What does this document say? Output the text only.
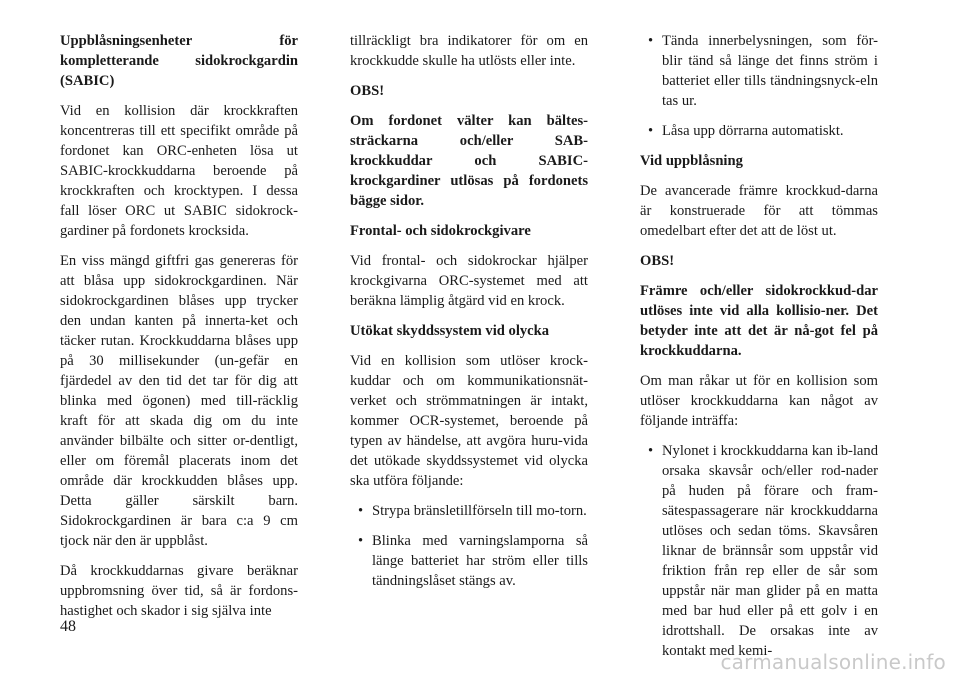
Uppblåsningsenheter för kompletterande sidokrockgardin (SABIC)

Vid en kollision där krockkraften koncentreras till ett specifikt område på fordonet kan ORC-enheten lösa ut SABIC-krockkuddarna beroende på krockkraften och krocktypen. I dessa fall löser ORC ut SABIC sidokrock-gardiner på fordonets krocksida.

En viss mängd giftfri gas genereras för att blåsa upp sidokrockgardinen. När sidokrockgardinen blåses upp trycker den undan kanten på innerta-ket och täcker rutan. Krockkuddarna blåses upp på 30 millisekunder (un-gefär en fjärdedel av den tid det tar för dig att blinka med ögonen) med till-räcklig kraft för att skada dig om du inte använder bilbälte och sitter or-dentligt, eller om föremål placerats inom det område där krockkudden blåses upp. Detta gäller särskilt barn. Sidokrockgardinen är bara c:a 9 cm tjock när den är uppblåst.

Då krockkuddarnas givare beräknar uppbromsning över tid, så är fordons-hastighet och skador i sig själva inte

tillräckligt bra indikatorer för om en krockkudde skulle ha utlösts eller inte.

OBS!

Om fordonet välter kan bältes-sträckarna och/eller SAB-krockkuddar och SABIC-krockgardiner utlösas på fordonets bägge sidor.

Frontal- och sidokrockgivare

Vid frontal- och sidokrockar hjälper krockgivarna ORC-systemet med att beräkna lämplig åtgärd vid en krock.

Utökat skyddssystem vid olycka

Vid en kollision som utlöser krock-kuddar och om kommunikationsnät-verket och strömmatningen är intakt, kommer OCR-systemet, beroende på typen av händelse, att avgöra huru-vida det utökade skyddssystemet vid olycka ska utföra följande:

• Strypa bränsletillförseln till mo-torn.
• Blinka med varningslamporna så länge batteriet har ström eller tills tändningslåset stängs av.
• Tända innerbelysningen, som för-blir tänd så länge det finns ström i batteriet eller tills tändningsnyck-eln tas ur.
• Låsa upp dörrarna automatiskt.

Vid uppblåsning

De avancerade främre krockkud-darna är konstruerade för att tömmas omedelbart efter det att de löst ut.

OBS!

Främre och/eller sidokrockkud-dar utlöses inte vid alla kollisio-ner. Det betyder inte att det är nå-got fel på krockkuddarna.

Om man råkar ut för en kollision som utlöser krockkuddarna kan något av följande inträffa:

• Nylonet i krockkuddarna kan ib-land orsaka skavsår och/eller rod-nader på huden på förare och fram-sätespassagerare när krockkuddarna utlöses och sedan töms. Skavsåren liknar de brännsår som uppstår vid friktion från rep eller de sår som uppstår när man glider på en matta med bar hud eller på ett golv i en idrottshall. De orsakas inte av kontakt med kemi-
48
carmanualsonline.info
